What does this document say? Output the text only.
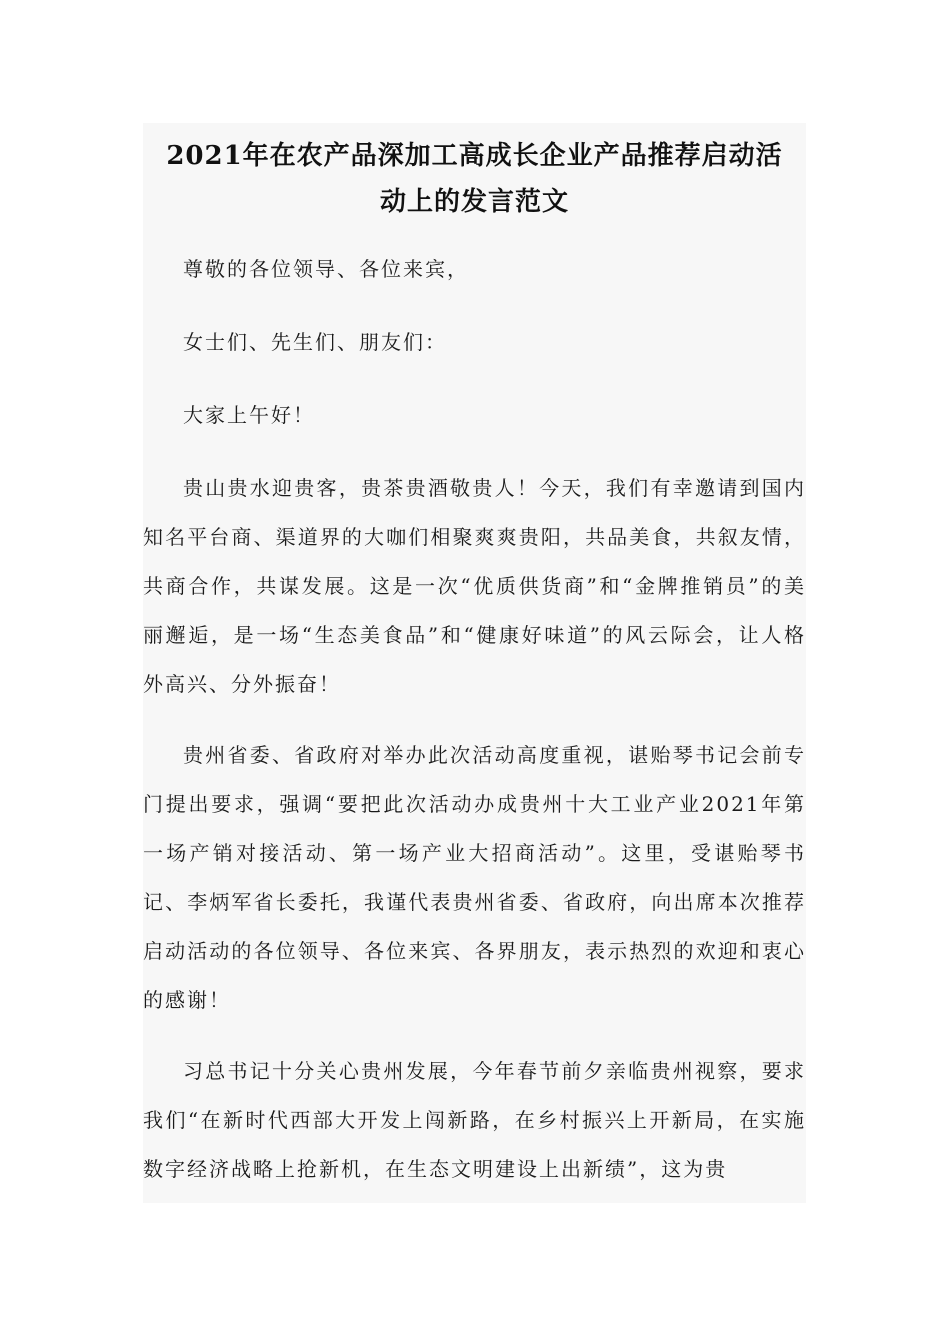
2021年在农产品深加工高成长企业产品推荐启动活
动上的发言范文

尊敬的各位领导、各位来宾，

女士们、先生们、朋友们：

大家上午好！

贵山贵水迎贵客，贵茶贵酒敬贵人！今天，我们有幸邀请到国内知名平台商、渠道界的大咖们相聚爽爽贵阳，共品美食，共叙友情，共商合作，共谋发展。这是一次“优质供货商”和“金牌推销员”的美丽邂逅，是一场“生态美食品”和“健康好味道”的风云际会，让人格外高兴、分外振奋！

贵州省委、省政府对举办此次活动高度重视，谌贻琴书记会前专门提出要求，强调“要把此次活动办成贵州十大工业产业2021年第一场产销对接活动、第一场产业大招商活动”。这里，受谌贻琴书记、李炳军省长委托，我谨代表贵州省委、省政府，向出席本次推荐启动活动的各位领导、各位来宾、各界朋友，表示热烈的欢迎和衷心的感谢！

习总书记十分关心贵州发展，今年春节前夕亲临贵州视察，要求我们“在新时代西部大开发上闯新路，在乡村振兴上开新局，在实施数字经济战略上抢新机，在生态文明建设上出新绩”，这为贵
